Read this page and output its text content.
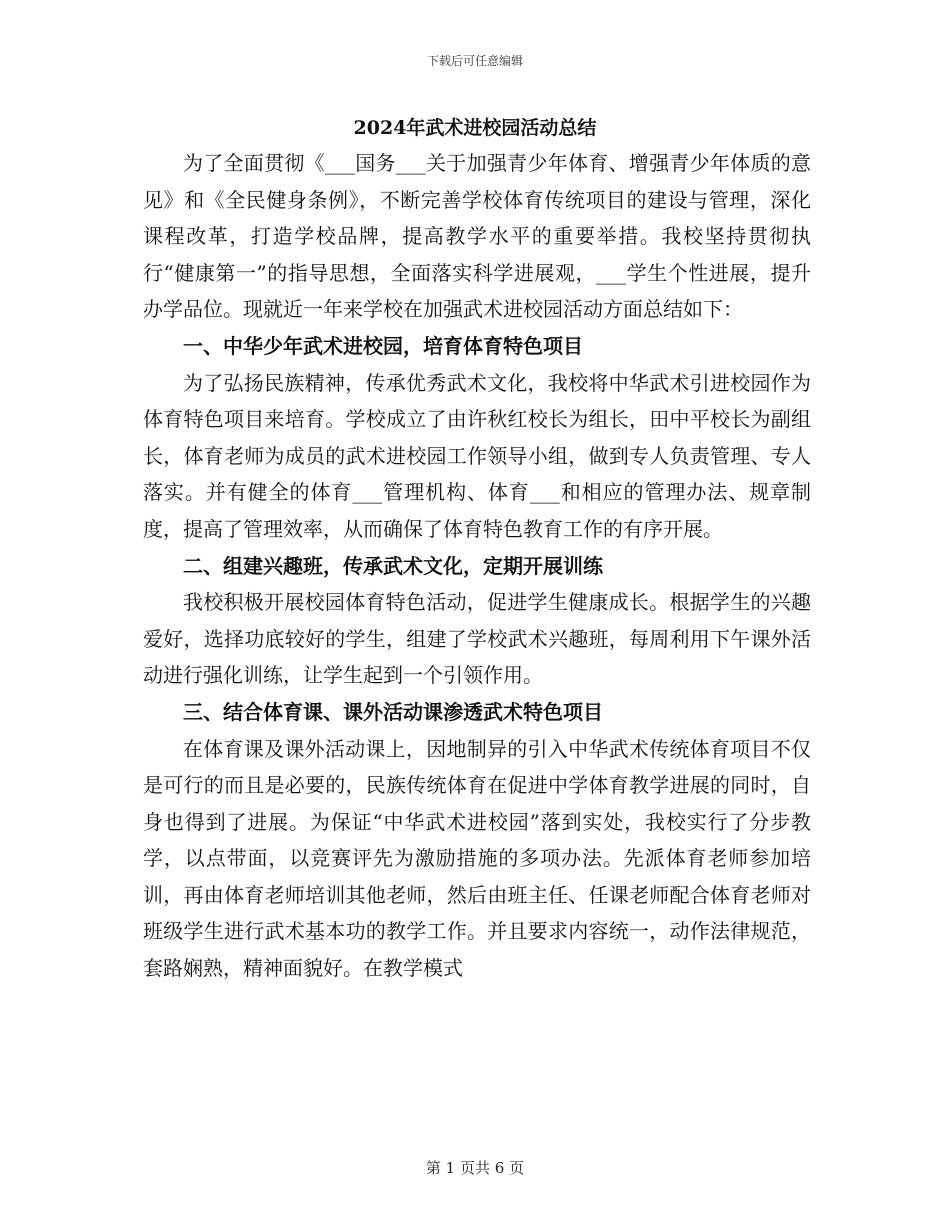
下载后可任意编辑
2024年武术进校园活动总结

为了全面贯彻《___国务___关于加强青少年体育、增强青少年体质的意见》和《全民健身条例》，不断完善学校体育传统项目的建设与管理，深化课程改革，打造学校品牌，提高教学水平的重要举措。我校坚持贯彻执行“健康第一”的指导思想，全面落实科学进展观，___学生个性进展，提升办学品位。现就近一年来学校在加强武术进校园活动方面总结如下：

一、中华少年武术进校园，培育体育特色项目

为了弘扬民族精神，传承优秀武术文化，我校将中华武术引进校园作为体育特色项目来培育。学校成立了由许秋红校长为组长，田中平校长为副组长，体育老师为成员的武术进校园工作领导小组，做到专人负责管理、专人落实。并有健全的体育___管理机构、体育___和相应的管理办法、规章制度，提高了管理效率，从而确保了体育特色教育工作的有序开展。

二、组建兴趣班，传承武术文化，定期开展训练

我校积极开展校园体育特色活动，促进学生健康成长。根据学生的兴趣爱好，选择功底较好的学生，组建了学校武术兴趣班，每周利用下午课外活动进行强化训练，让学生起到一个引领作用。

三、结合体育课、课外活动课渗透武术特色项目

在体育课及课外活动课上，因地制异的引入中华武术传统体育项目不仅是可行的而且是必要的，民族传统体育在促进中学体育教学进展的同时，自身也得到了进展。为保证“中华武术进校园”落到实处，我校实行了分步教学，以点带面，以竞赛评先为激励措施的多项办法。先派体育老师参加培训，再由体育老师培训其他老师，然后由班主任、任课老师配合体育老师对班级学生进行武术基本功的教学工作。并且要求内容统一，动作法律规范，套路娴熟，精神面貌好。在教学模式

第 1 页共 6 页
